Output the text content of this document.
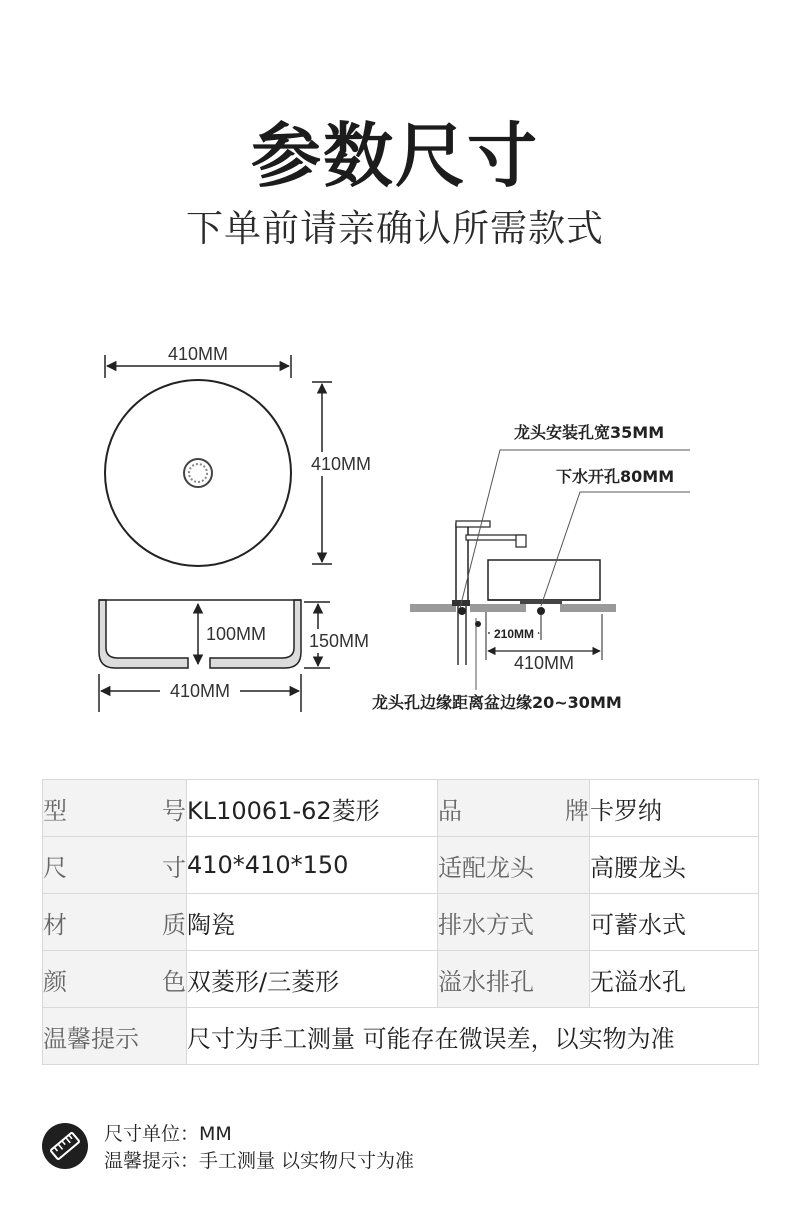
参数尺寸
下单前请亲确认所需款式
410MM
410MM
100MM 150MM
410MM
龙头安装孔宽35MM
下水开孔80MM
210MM
410MM
龙头孔边缘距离盆边缘20~30MM
型号	KL10061-62菱形	品牌	卡罗纳
尺寸	410*410*150	适配龙头	高腰龙头
材质	陶瓷	排水方式	可蓄水式
颜色	双菱形/三菱形	溢水排孔	无溢水孔
温馨提示	尺寸为手工测量 可能存在微误差，以实物为准		
尺寸单位：MM
温馨提示：手工测量 以实物尺寸为准
